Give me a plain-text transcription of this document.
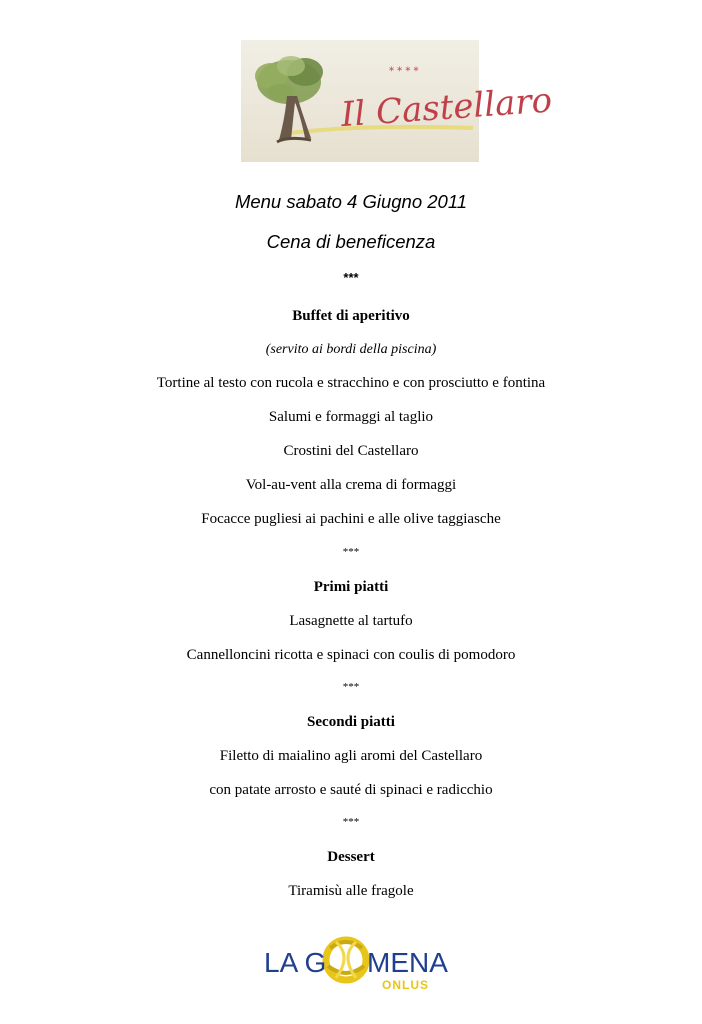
* * * *
Il Castellaro
Menu sabato 4 Giugno 2011
Cena di beneficenza
***
Buffet di aperitivo
(servito ai bordi della piscina)
Tortine al testo con rucola e stracchino e con prosciutto e fontina
Salumi e formaggi al taglio
Crostini del Castellaro
Vol-au-vent alla crema di formaggi
Focacce pugliesi ai pachini e alle olive taggiasche
***
Primi piatti
Lasagnette al tartufo
Cannelloncini ricotta e spinaci con coulis di pomodoro
***
Secondi piatti
Filetto di maialino agli aromi del Castellaro
con patate arrosto e sauté di spinaci e radicchio
***
Dessert
Tiramisù alle fragole
LA G MENA
ONLUS
